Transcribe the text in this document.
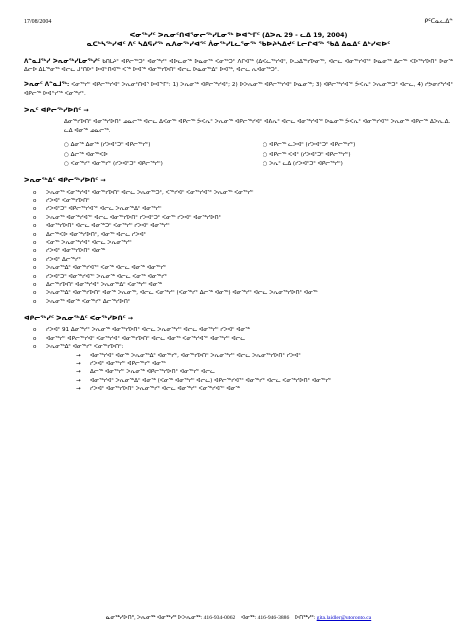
17/08/2004	ᑭᑦᑕᓇᓚᐃᓐ
ᐸᓂᖅᓯᑦ ᐳᕆᓂᑦᑎᐊᕐᓂᓕᖅᓯᒪᓂᖅ ᐅᐊᖕᒥᑦ (ᐃᐳᕆ 29 - ᓚᐃ 19, 2004)
ᓇᑕᒃᓴᖅᓯᐊᑦ ᐱᑦ ᓴᐃᕋᓯᖅ ᕆᐱᓂᖅᓯᐊᕐᑦ ᐲᓂᖅᓯᒪᓚᕐᓂᖅ ᖃᐅᔨᓴᐃᔪᑦ ᒪᓕᒋᐊᖅ ᖃᐃ ᐃᓇᐃᑦ ᐃᒃᓯᕙᐅᑦ

ᐱᓐᓇᒧᖅᓯ ᐳᕆᓂᖅᓯᒪᓂᖅᓯᑦ ᑲᑎᒪᔨᑦ ᐊᑭᓕᖅᑐᑦ ᐊᓂᖅᓯᑦ ᐊᐅᓚᓂᖅ ᐅᓇᓂᖅ ᐸᓂᖅᑐᑦ ᐱᒋᐊᖅ (ᐃᐸᓚᖅᓯᐊᑦ, ᐅᓗᐃᖅᓯᐅᓂᖅ, ᐊᓕᓚ ᐊᓂᖅᓯᐊᕐᑦ ᐅᓇᓂᖅ ᐃᓕᖅ ᐸᐅᖅᓯᐅᑎᑦ ᐅᓂᖅ ᐃᓕᐅ ᐃᒪᖅᓂᖅ ᐊᓕᓚ ᒍᑦᑎᐅᑦ ᐅᐊᓐᑎᐊᖅ ᐸᖅ ᐅᐊᖅ ᐊᓂᖅᓯᐅᑎᑦ ᐊᓕᓚ ᐅᓇᓂᖅᐃᑦ ᐅᐊᖅ, ᐊᓕᓚ ᕆᐊᓂᖅᑐᑦ.

ᐳᕆᓂᑦ ᐱᓐᓇᒧᖅ: ᐸᓂᖅᓯᑦ ᐊᑭᓕᖅᓯᐊᑦ ᐳᕆᓂᑦᑎᐊᕐ ᐅᐊᖕᒥᑦ: 1) ᐳᕆᓂᖅ ᐊᑭᓕᖅᓯᐊᑦ; 2) ᐅᐳᕆᓂᖅ ᐊᑭᓕᖅᓯᐊᑦ ᐅᓇᓂᖅ; 3) ᐊᑭᓕᖅᓯᐊᕐᑦ ᕘᐸᕆᑦ ᐳᕆᓂᖅᑐᑦ ᐊᓕᓚ, 4) ᓯᕗᓂᓯᒃᓯᐊᑦ ᐊᑭᓕᖅ ᐅᐊᓐᓯᖅ ᐸᓂᖅᓯᑦ.

ᐳᕆᑦ ᐊᑭᓕᖅᓯᐅᑎᑦ →
ᐃᓂᖅᓯᐅᑎᑦ ᐊᓂᖅᓯᐅᑎᑦ ᓄᓇᓕᖅ ᐊᓕᓚ ᐃᐸᓂᖅ ᐊᑭᓕᖅ ᕘᐸᕆᑦ ᐳᕆᓂᖅ ᐊᑭᓕᖅᓯᐊᑦ ᐊᕕᕆᑦ ᐊᓕᓚ ᐊᓂᖅᓯᐊᕐᑦ ᐅᓇᓂᖅ ᕘᐸᕆᑦ ᐊᓂᖅᓯᐊᕐᑦ ᐳᕆᓂᖅ ᐊᑭᓕᖅ ᐃᐳᕆ.ᐃ. ᓚᐃ ᐊᓂᖅ ᓄᓇᓕᖅ.
○ ᐃᓂᖅ ᐃᓂᖅ (ᓯᐳᐊᑦᑐᑦ ᐊᑭᓕᖅᓯᑦ)	○ ᐊᑭᓕᖅ ᓚᐳᐊᑦ (ᓯᐳᐊᑦᑐᑦ ᐊᑭᓕᖅᓯᑦ)
○ ᐃᓕᖅ ᐊᓂᖅᐸᐅ	○ ᐊᑭᓕᖅ ᐸᐊᑦ (ᓯᐳᐊᑦᑐᑦ ᐊᑭᓕᖅᓯᑦ)
○ ᐸᓂᖅᓯᑦ ᐊᓂᖅᓯᑦ (ᓯᐳᐊᑦᑐᑦ ᐊᑭᓕᖅᓯᑦ)	○ ᐳᕆᑦ ᓚᐃ (ᓯᐳᐊᑦᑐᑦ ᐊᑭᓕᖅᓯᑦ)
ᐳᕆᓂᖅᐃᑦ ᐊᑭᓕᖅᓯᐅᑎᑦ →
o ᐳᕆᓂᖅ ᐸᓂᖅᓯᐊᑦ ᐊᓂᖅᓯᐅᑎᑦ ᐊᓕᓚ ᐳᕆᓂᖅᑐᑦ, ᐸᖅᓯᐊᑦ ᐸᓂᖅᓯᐊᕐᑦ ᐳᕆᓂᖅ ᐸᓂᖅᓯᑦ
o ᓯᐳᐊᑦ ᐸᓂᖅᓯᐅᑎᑦ
o ᓯᐳᐊᑦᑐᑦ ᐊᑭᓕᖅᓯᐊᕐᑦ ᐊᓕᓚ ᐳᕆᓂᖅᐃᑦ ᐊᓂᖅᓯᑦ
o ᐳᕆᓂᖅ ᐊᓂᖅᓯᐊᕐᑦ ᐊᓕᓚ ᐊᓂᖅᓯᐅᑎᑦ ᓯᐳᐊᑦᑐᑦ ᐸᓂᖅ ᓯᐳᐊᑦ ᐊᓂᖅᓯᐅᑎᑦ
o ᐊᓂᖅᓯᐅᑎᑦ ᐊᓕᓚ ᐊᓂᖅᑐᑦ ᐸᓂᖅᓯᑦ ᓯᐳᐊᑦ ᐊᓂᖅᓯᑦ
o ᐃᓕᖅᐸᐅ ᐊᓂᖅᓯᐅᑎᑦ, ᐊᓂᖅ ᐊᓕᓚ ᓯᐳᐊᑦ
o ᐸᓂᖅ ᐳᕆᓂᖅᓯᐊᑦ ᐊᓕᓚ ᐳᕆᓂᖅᓯᑦ
o ᓯᐳᐊᑦ ᐊᓂᖅᓯᐅᑎᑦ ᐊᓂᖅ
o ᓯᐳᐊᑦ ᐃᓕᖅᓯᑦ
o ᐳᕆᓂᖅᐃᑦ ᐊᓂᖅᓯᐊᕐᑦ ᐸᓂᖅ ᐊᓕᓚ ᐊᓂᖅ ᐊᓂᖅᓯᑦ
o ᓯᐳᐊᑦᑐᑦ ᐊᓂᖅᓯᐊᕐᑦ ᐳᕆᓂᖅ ᐊᓕᓚ ᐸᓂᖅ ᐊᓂᖅᓯᑦ
o ᐃᓕᖅᓯᐅᑎᑦ ᐊᓂᖅᓯᐊᑦ ᐳᕆᓂᖅᐃᑦ ᐸᓂᖅᓯᑦ ᐊᓂᖅ
o ᐳᕆᓂᖅᐃᑦ ᐊᓂᖅᓯᐅᑎᑦ ᐊᓂᖅ ᐳᕆᓂᖅ, ᐊᓕᓚ ᐸᓂᖅᓯᑦ (ᐸᓂᖅᓯᑦ ᐃᓕᖅ ᐊᓂᖅ) ᐊᓂᖅᓯᑦ ᐊᓕᓚ ᐳᕆᓂᖅᓯᐅᑎᑦ ᐊᓂᖅ
o ᐳᕆᓂᖅ ᐊᓂᖅ ᐸᓂᖅᓯᑦ ᐃᓕᖅᓯᐅᑎᑦ
ᐊᑭᓕᖅᓯᑦ ᐳᕆᓂᖅᐃᑦ ᐸᓂᖅᓯᐅᑎᑦ →
o ᓯᐳᐊᑦ 91 ᐃᓂᖅᓯᑦ ᐳᕆᓂᖅ ᐊᓂᖅᓯᐅᑎᑦ ᐊᓕᓚ ᐳᕆᓂᖅᓯᑦ ᐊᓕᓚ ᐊᓂᖅᓯᑦ ᓯᐳᐊᑦ ᐊᓂᖅ
o ᐊᓂᖅᓯᑦ ᐊᑭᓕᖅᓯᐊᑦ ᐸᓂᖅᓯᐊᑦ ᐊᓂᖅᓯᐅᑎᑦ ᐊᓕᓚ ᐊᓂᖅ ᐸᓂᖅᓯᐊᕐᑦ ᐊᓂᖅᓯᑦ ᐊᓕᓚ
o ᐳᕆᓂᖅᐃᑦ ᐊᓂᖅᓯᑦ ᐸᓂᖅᓯᐅᑎᑦ:
→ ᐊᓂᖅᓯᐊᑦ ᐊᓂᖅ ᐳᕆᓂᖅᐃᑦ ᐊᓂᖅᓯᑦ, ᐊᓂᖅᓯᐅᑎᑦ ᐳᕆᓂᖅᓯᑦ ᐊᓕᓚ ᐳᕆᓂᖅᓯᐅᑎᑦ ᓯᐳᐊᑦ
→ ᓯᐳᐊᑦ ᐊᓂᖅᓯᑦ ᐊᑭᓕᖅᓯᑦ ᐊᓂᖅ
→ ᐃᓕᖅ ᐊᓂᖅᓯᑦ ᐳᕆᓂᖅ ᐊᑭᓕᖅᓯᐅᑎᑦ ᐊᓂᖅᓯᑦ ᐊᓕᓚ
→ ᐊᓂᖅᓯᐊᑦ ᐳᕆᓂᖅᐃᑦ ᐊᓂᖅ (ᐸᓂᖅ ᐊᓂᖅᓯᑦ ᐊᓕᓚ) ᐊᑭᓕᖅᓯᐊᕐᑦ ᐊᓂᖅᓯᑦ ᐊᓕᓚ ᐸᓂᖅᓯᐅᑎᑦ ᐊᓂᖅᓯᑦ
→ ᓯᐳᐊᑦ ᐊᓂᖅᓯᐅᑎᑦ ᐳᕆᓂᖅᓯᑦ ᐊᓕᓚ ᐊᓂᖅᓯᑦ ᐸᓂᖅᓯᐊᕐᑦ ᐊᓂᖅ
ᓇᓂᖅᓯᐅᑎᑦ, ᐳᕆᓂᖅ ᐊᓂᖅᓯᑦ ᐅᐳᕆᓂᖅ: 416-934-0062 ᐊᓂᖅ: 416-946-3886 ᐅᑎᖅᓯᑦ: gita.laidler@utoronto.ca
